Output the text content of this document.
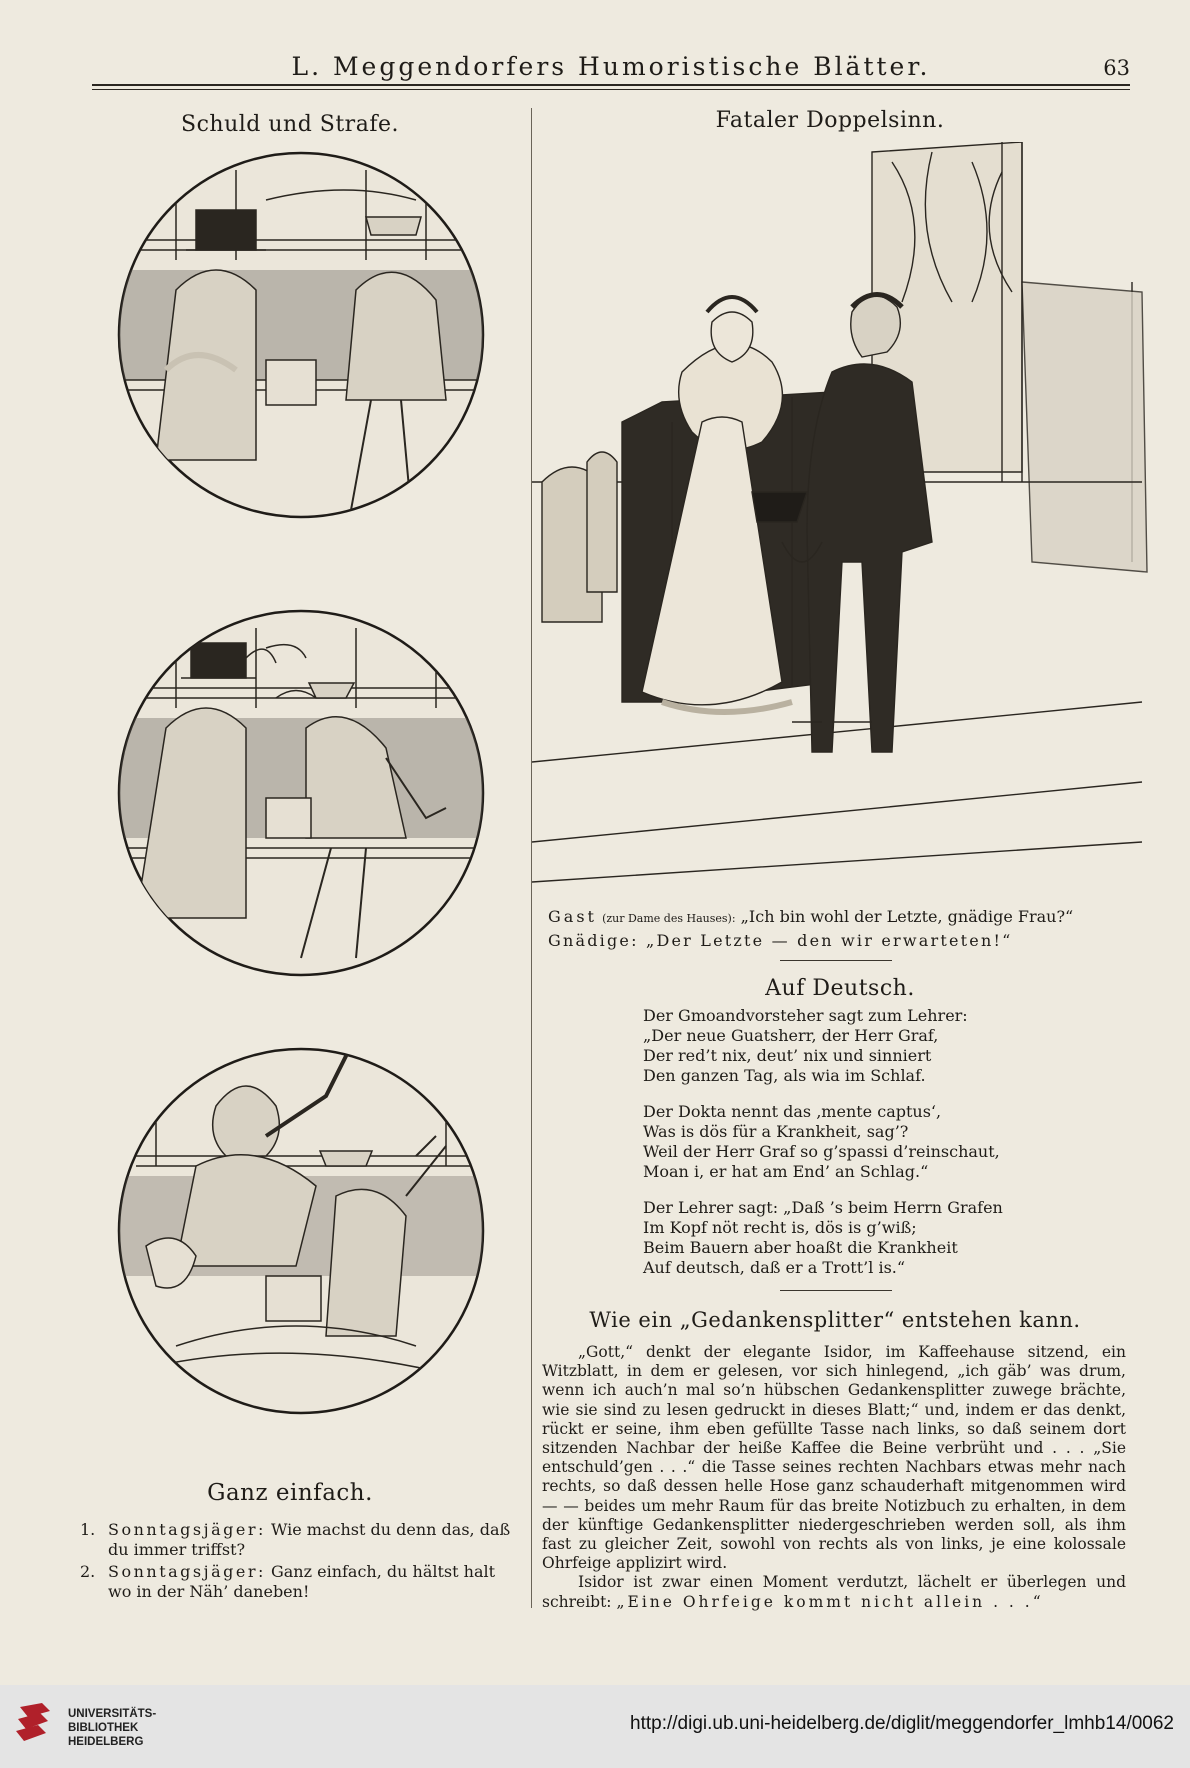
L. Meggendorfers Humoristische Blätter.	63
Schuld und Strafe.
Ganz einfach.
1. Sonntagsjäger: Wie machst du denn das, daß du immer triffst?
2. Sonntagsjäger: Ganz einfach, du hältst halt wo in der Näh’ daneben!
Fataler Doppelsinn.
Gast (zur Dame des Hauses): „Ich bin wohl der Letzte, gnädige Frau?“
Gnädige: „Der Letzte — den wir erwarteten!“
Auf Deutsch.
Der Gmoandvorsteher sagt zum Lehrer:
„Der neue Guatsherr, der Herr Graf,
Der red’t nix, deut’ nix und sinniert
Den ganzen Tag, als wia im Schlaf.
Der Dokta nennt das ‚mente captus‘,
Was is dös für a Krankheit, sag’?
Weil der Herr Graf so g’spassi d’reinschaut,
Moan i, er hat am End’ an Schlag.“
Der Lehrer sagt: „Daß ’s beim Herrn Grafen
Im Kopf nöt recht is, dös is g’wiß;
Beim Bauern aber hoaßt die Krankheit
Auf deutsch, daß er a Trott’l is.“
Wie ein „Gedankensplitter“ entstehen kann.

„Gott,“ denkt der elegante Isidor, im Kaffeehause sitzend, ein Witzblatt, in dem er gelesen, vor sich hinlegend, „ich gäb’ was drum, wenn ich auch’n mal so’n hübschen Gedankensplitter zuwege brächte, wie sie sind zu lesen gedruckt in dieses Blatt;“ und, indem er das denkt, rückt er seine, ihm eben gefüllte Tasse nach links, so daß seinem dort sitzenden Nachbar der heiße Kaffee die Beine verbrüht und . . . „Sie entschuld’gen . . .“ die Tasse seines rechten Nachbars etwas mehr nach rechts, so daß dessen helle Hose ganz schauderhaft mitgenommen wird — — beides um mehr Raum für das breite Notizbuch zu erhalten, in dem der künftige Gedankensplitter niedergeschrieben werden soll, als ihm fast zu gleicher Zeit, sowohl von rechts als von links, je eine kolossale Ohrfeige applizirt wird.

Isidor ist zwar einen Moment verdutzt, lächelt er überlegen und schreibt: „Eine Ohrfeige kommt nicht allein . . .“

UNIVERSITÄTS-
BIBLIOTHEK
HEIDELBERG
http://digi.ub.uni-heidelberg.de/diglit/meggendorfer_lmhb14/0062
